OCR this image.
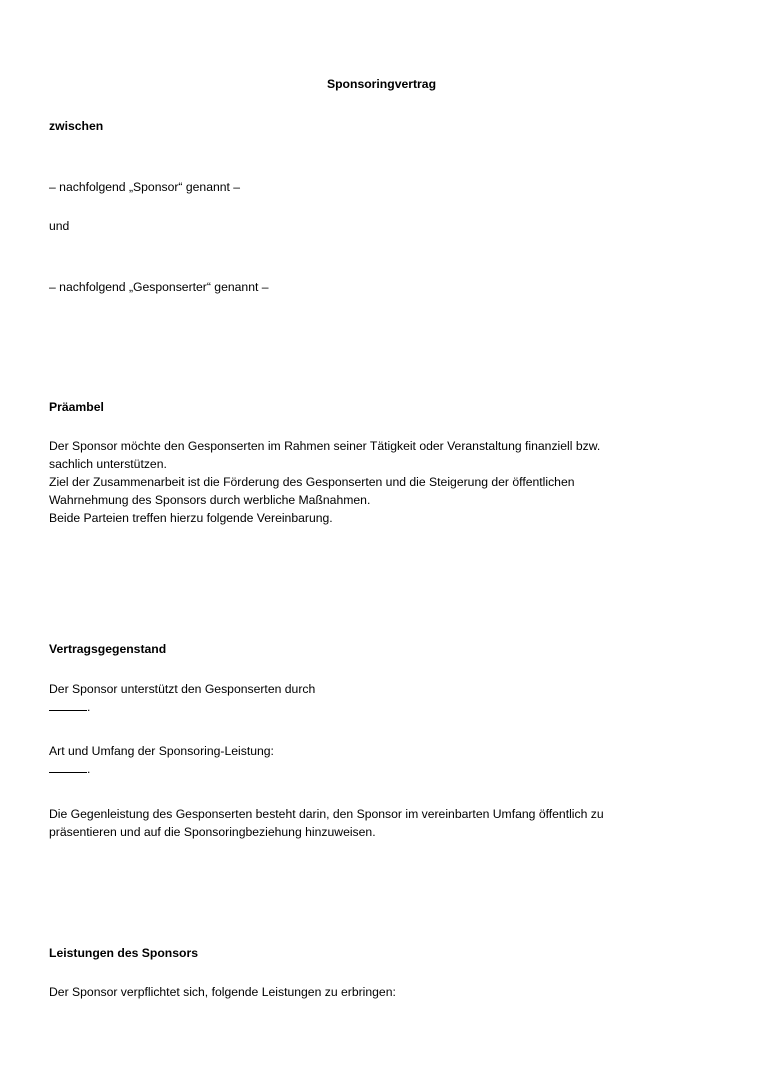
Sponsoringvertrag
zwischen
– nachfolgend „Sponsor“ genannt –
und
– nachfolgend „Gesponserter“ genannt –
Präambel
Der Sponsor möchte den Gesponserten im Rahmen seiner Tätigkeit oder Veranstaltung finanziell bzw.
sachlich unterstützen.
Ziel der Zusammenarbeit ist die Förderung des Gesponserten und die Steigerung der öffentlichen
Wahrnehmung des Sponsors durch werbliche Maßnahmen.
Beide Parteien treffen hierzu folgende Vereinbarung.
Vertragsgegenstand
Der Sponsor unterstützt den Gesponserten durch
.
Art und Umfang der Sponsoring-Leistung:
.
Die Gegenleistung des Gesponserten besteht darin, den Sponsor im vereinbarten Umfang öffentlich zu
präsentieren und auf die Sponsoringbeziehung hinzuweisen.
Leistungen des Sponsors
Der Sponsor verpflichtet sich, folgende Leistungen zu erbringen:
